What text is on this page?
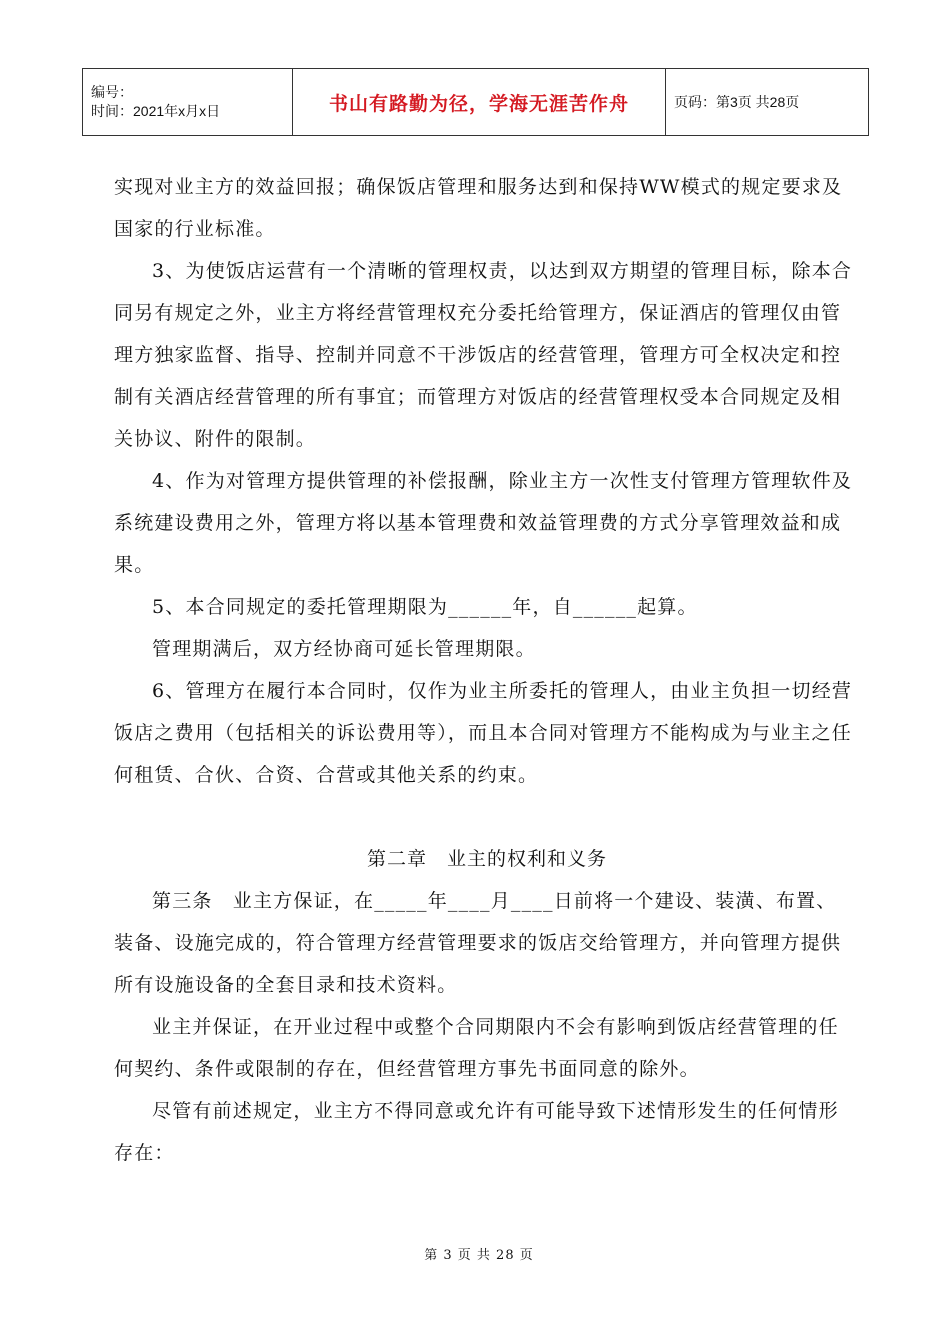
编号：
时间：2021年x月x日	书山有路勤为径，学海无涯苦作舟	页码：第3页 共28页

实现对业主方的效益回报；确保饭店管理和服务达到和保持WW模式的规定要求及国家的行业标准。

3、为使饭店运营有一个清晰的管理权责，以达到双方期望的管理目标，除本合同另有规定之外，业主方将经营管理权充分委托给管理方，保证酒店的管理仅由管理方独家监督、指导、控制并同意不干涉饭店的经营管理，管理方可全权决定和控制有关酒店经营管理的所有事宜；而管理方对饭店的经营管理权受本合同规定及相关协议、附件的限制。

4、作为对管理方提供管理的补偿报酬，除业主方一次性支付管理方管理软件及系统建设费用之外，管理方将以基本管理费和效益管理费的方式分享管理效益和成果。

5、本合同规定的委托管理期限为______年，自______起算。

管理期满后，双方经协商可延长管理期限。

6、管理方在履行本合同时，仅作为业主所委托的管理人，由业主负担一切经营饭店之费用（包括相关的诉讼费用等），而且本合同对管理方不能构成为与业主之任何租赁、合伙、合资、合营或其他关系的约束。

第二章　业主的权利和义务

第三条　业主方保证，在_____年____月____日前将一个建设、装潢、布置、装备、设施完成的，符合管理方经营管理要求的饭店交给管理方，并向管理方提供所有设施设备的全套目录和技术资料。

业主并保证，在开业过程中或整个合同期限内不会有影响到饭店经营管理的任何契约、条件或限制的存在，但经营管理方事先书面同意的除外。

尽管有前述规定，业主方不得同意或允许有可能导致下述情形发生的任何情形存在：

第 3 页 共 28 页
